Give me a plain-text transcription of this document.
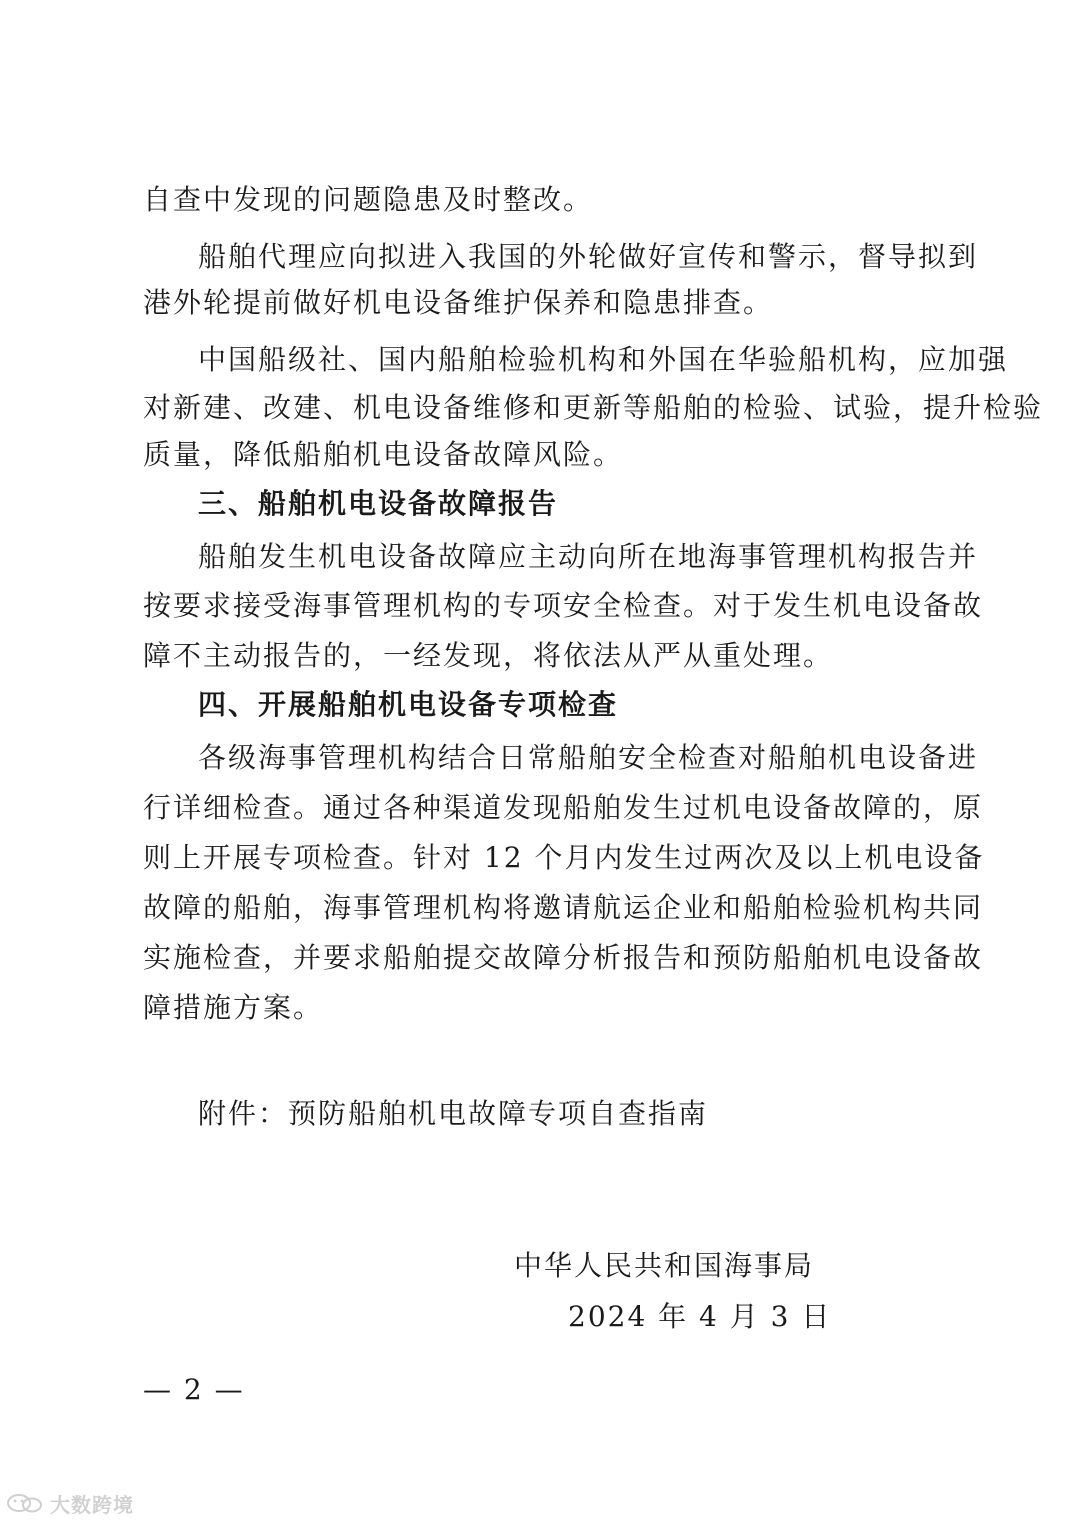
自查中发现的问题隐患及时整改。
船舶代理应向拟进入我国的外轮做好宣传和警示，督导拟到
港外轮提前做好机电设备维护保养和隐患排查。
中国船级社、国内船舶检验机构和外国在华验船机构，应加强
对新建、改建、机电设备维修和更新等船舶的检验、试验，提升检验
质量，降低船舶机电设备故障风险。
三、船舶机电设备故障报告
船舶发生机电设备故障应主动向所在地海事管理机构报告并
按要求接受海事管理机构的专项安全检查。对于发生机电设备故
障不主动报告的，一经发现，将依法从严从重处理。
四、开展船舶机电设备专项检查
各级海事管理机构结合日常船舶安全检查对船舶机电设备进
行详细检查。通过各种渠道发现船舶发生过机电设备故障的，原
则上开展专项检查。针对 12 个月内发生过两次及以上机电设备
故障的船舶，海事管理机构将邀请航运企业和船舶检验机构共同
实施检查，并要求船舶提交故障分析报告和预防船舶机电设备故
障措施方案。
附件：预防船舶机电故障专项自查指南
中华人民共和国海事局
2024 年 4 月 3 日
— 2 —
大数跨境
